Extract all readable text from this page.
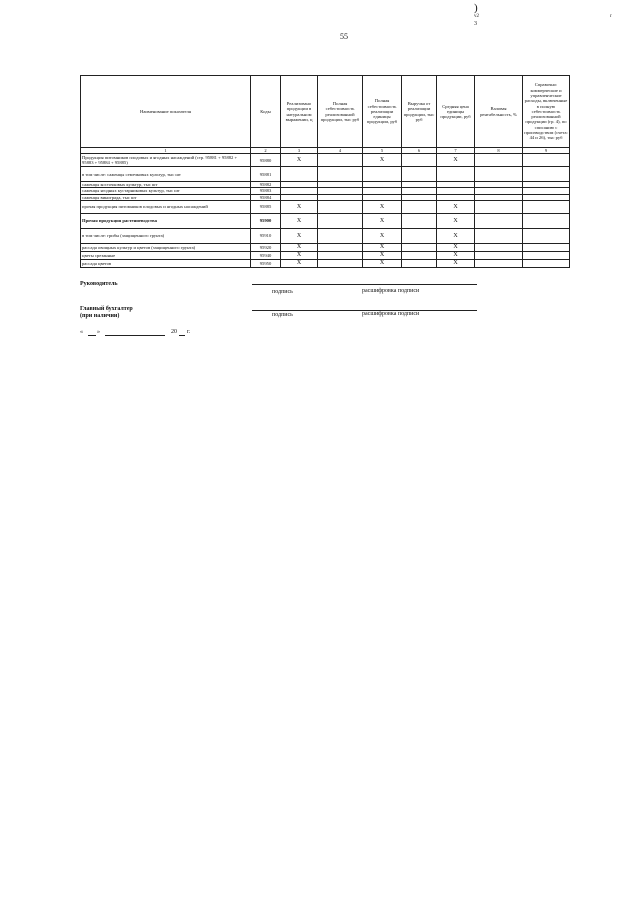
55
)
v2
3
r
Наименование показателя	Коды	Реализовано продукции в натуральном выражении, ц	Полная себестоимость реализованной продукции, тыс руб	Полная себестоимость реализации единицы продукции, руб	Выручка от реализации продукции, тыс руб	Средняя цена единицы продукции, руб	Валовая рентабельность, %	Справочно: коммерческие и управленческие расходы, включенные в полную себестоимость реализованной продукции (гр. 4), по списанию с производством (счета: 44 и 26), тыс руб
1	2	3	4	5	6	7	8	9
Продукция питомников плодовых и ягодных насаждений (стр. 95881 + 95882 + 95883 + 95884 + 95885)	95880	X		X		X		
в том числе: саженцы семечковых культур, тыс шт	95881							
саженцы косточковых культур, тыс шт	95882							
саженцы ягодных кустарниковых культур, тыс шт	95883							
саженцы винограда, тыс шт	95884							
прочая продукция питомников плодовых и ягодных насаждений	95885	X		X		X		
Прочая продукция растениеводства	95900	X		X		X		
в том числе: грибы (защищенного грунта)	95910	X		X		X		
рассада овощных культур и цветов (защищенного грунта)	95920	X		X		X		
цветы срезанные	95940	X		X		X		
рассада цветов	95950	X		X		X		
Руководитель
подпись	расшифровка подписи
Главный бухгалтер
(при наличии)	подпись	расшифровка подписи
« »	20 г.
